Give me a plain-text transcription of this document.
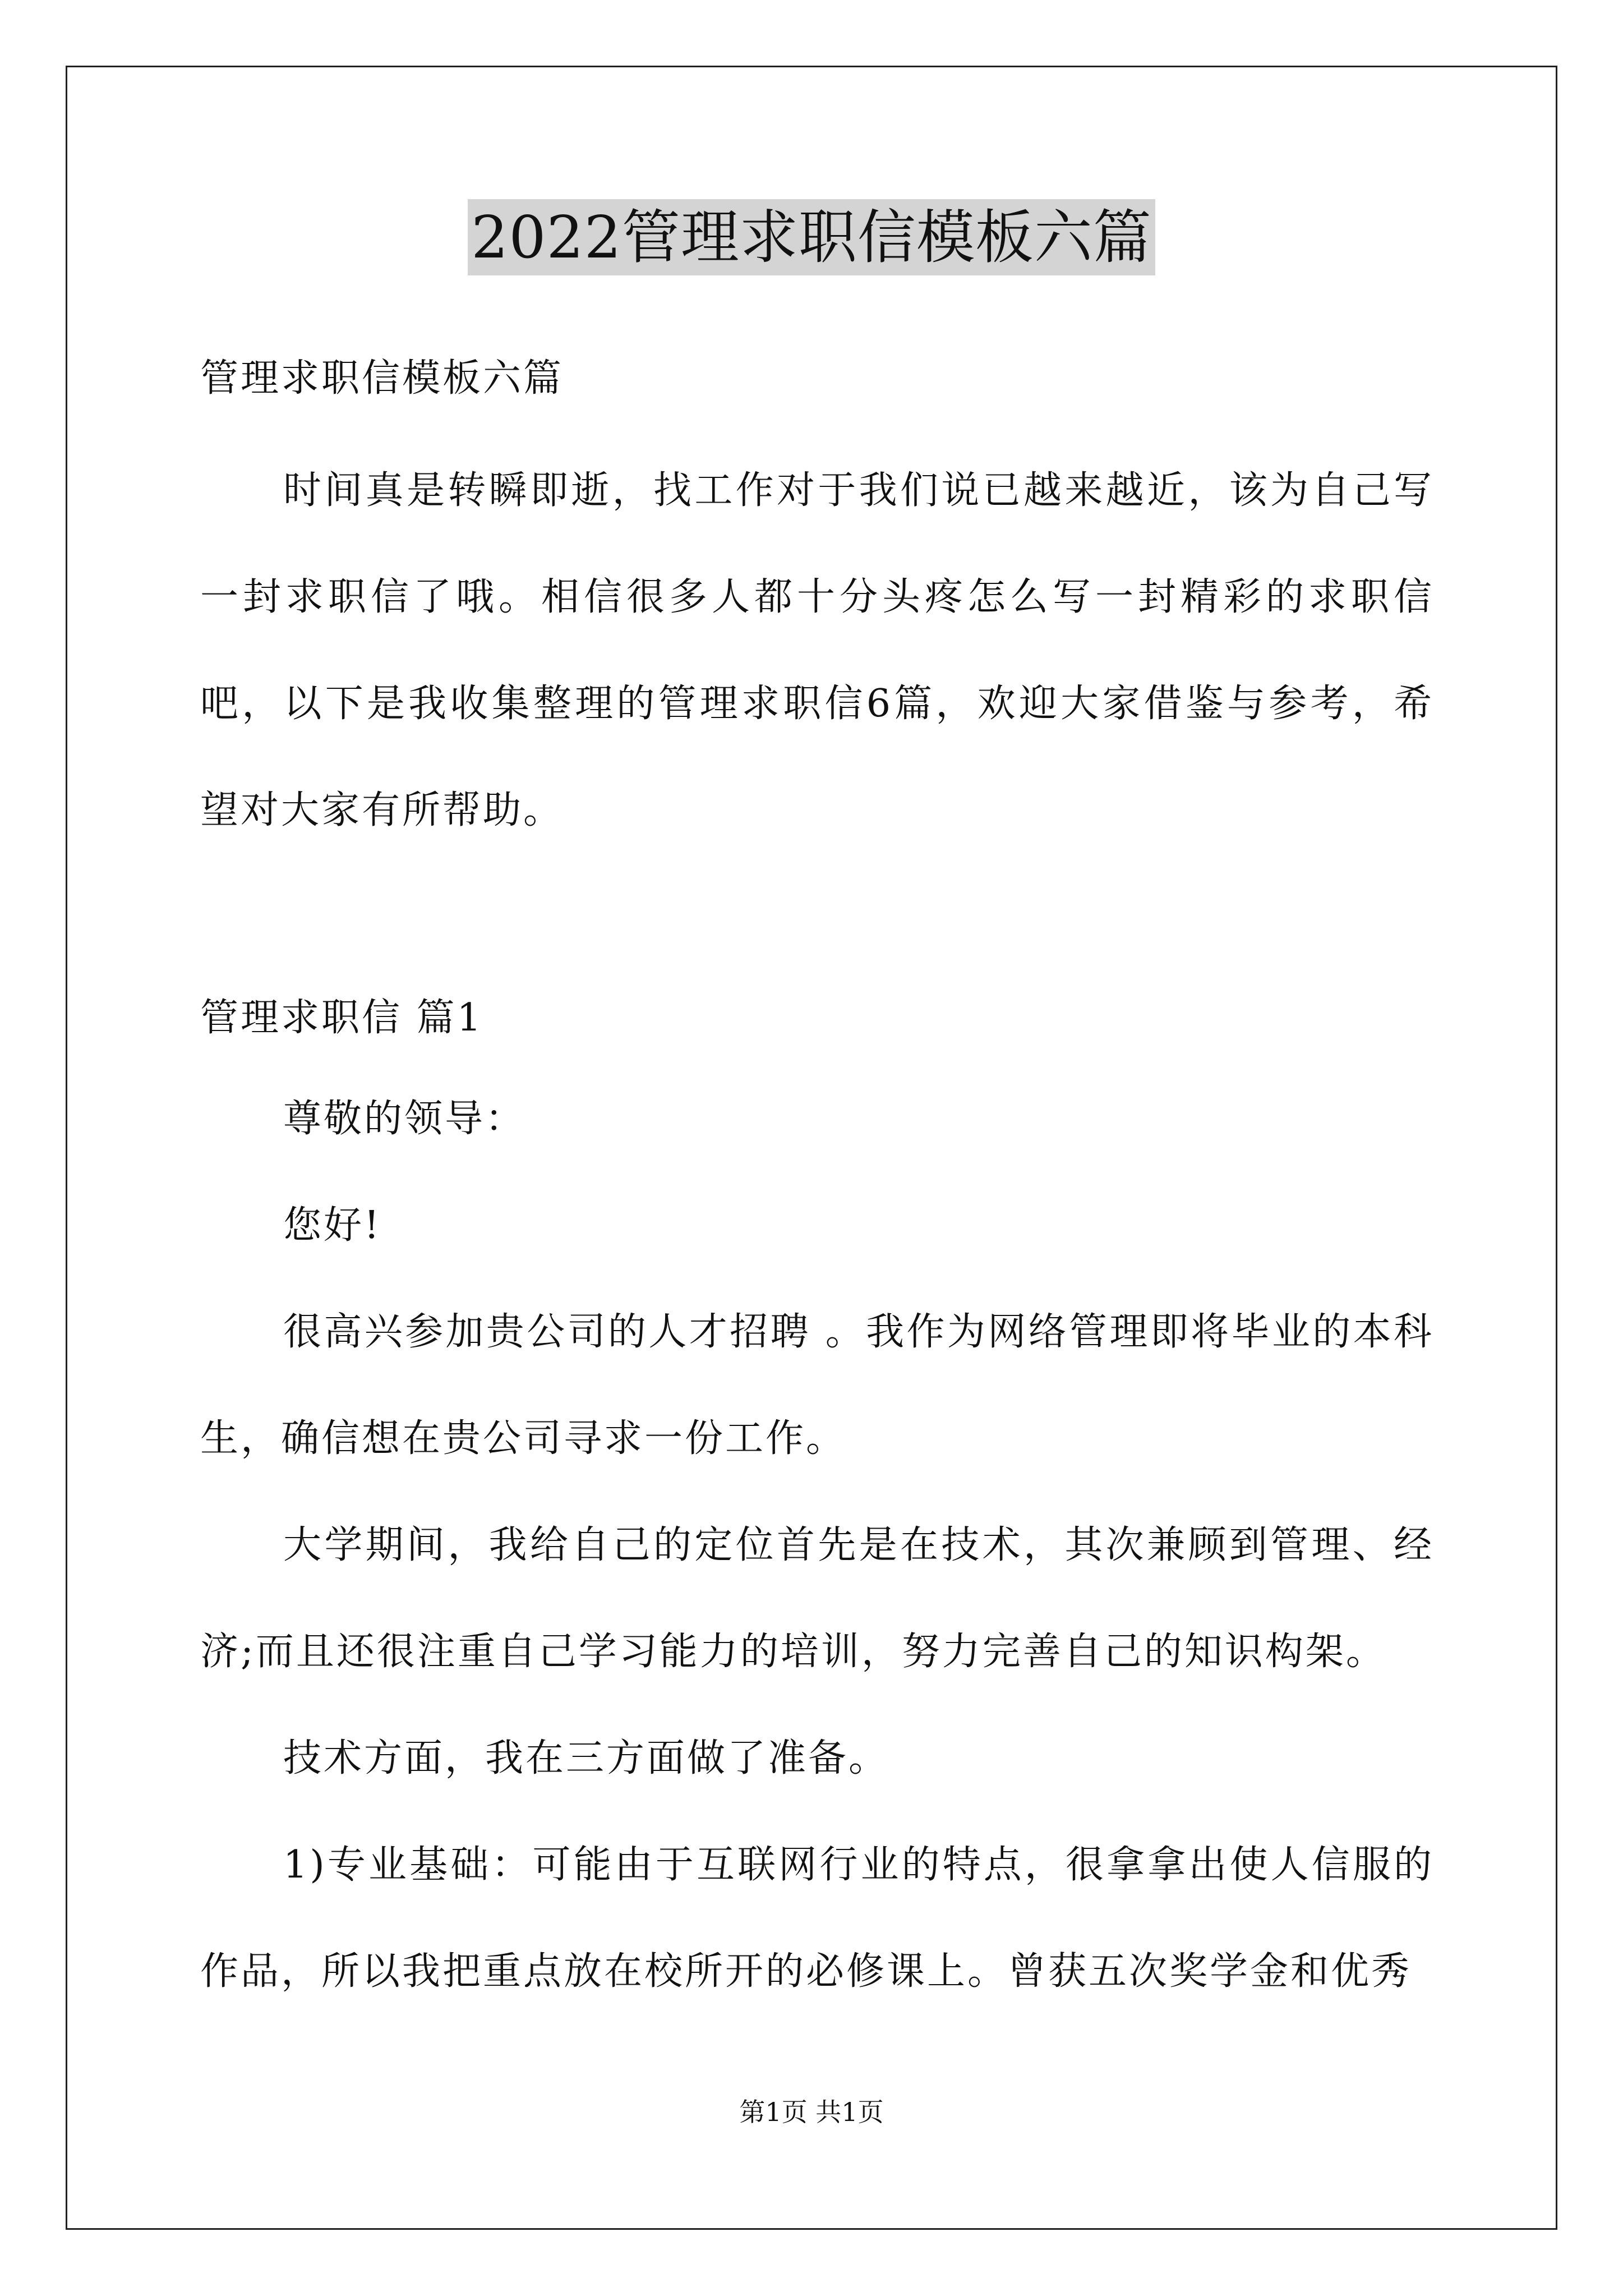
2022管理求职信模板六篇
管理求职信模板六篇

时间真是转瞬即逝，找工作对于我们说已越来越近，该为自己写一封求职信了哦。相信很多人都十分头疼怎么写一封精彩的求职信吧，以下是我收集整理的管理求职信6篇，欢迎大家借鉴与参考，希望对大家有所帮助。

管理求职信 篇1

尊敬的领导：

您好!

很高兴参加贵公司的人才招聘 。我作为网络管理即将毕业的本科生，确信想在贵公司寻求一份工作。

大学期间，我给自己的定位首先是在技术，其次兼顾到管理、经济;而且还很注重自己学习能力的培训，努力完善自己的知识构架。

技术方面，我在三方面做了准备。

1)专业基础：可能由于互联网行业的特点，很拿拿出使人信服的作品，所以我把重点放在校所开的必修课上。曾获五次奖学金和优秀

第1页 共1页
